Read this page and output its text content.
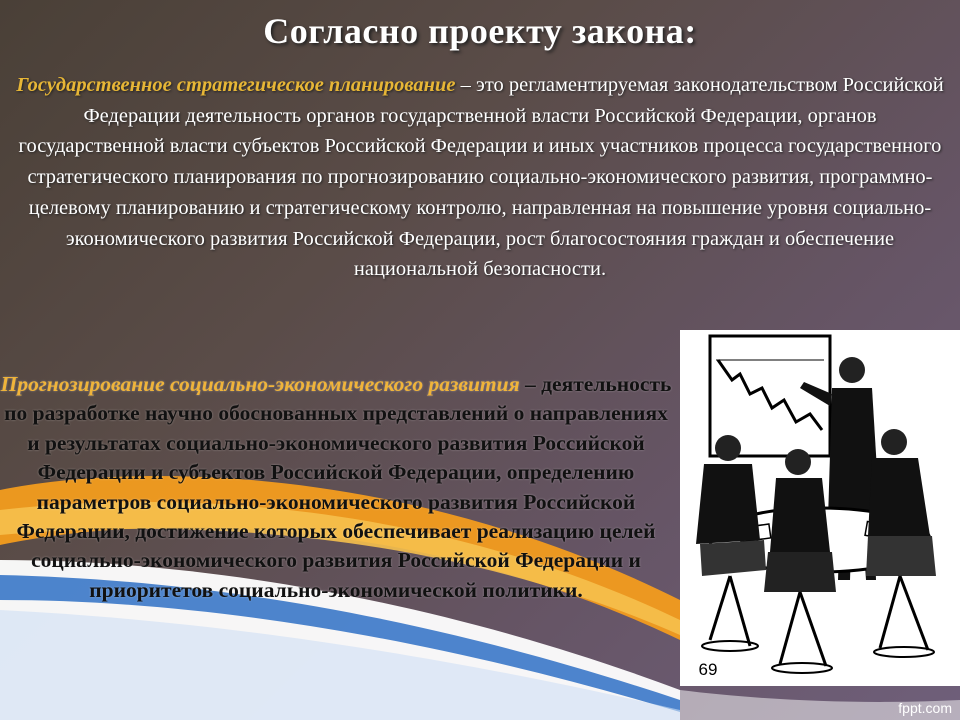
Согласно проекту закона:
Государственное стратегическое планирование – это регламентируемая законодательством Российской Федерации деятельность органов государственной власти Российской Федерации, органов государственной власти субъектов Российской Федерации и иных участников процесса государственного стратегического планирования по прогнозированию социально-экономического развития, программно-целевому планированию и стратегическому контролю, направленная на повышение уровня социально-экономического развития Российской Федерации, рост благосостояния граждан и обеспечение национальной безопасности.
Прогнозирование социально-экономического развития – деятельность по разработке научно обоснованных представлений о направлениях и результатах социально-экономического развития Российской Федерации и субъектов Российской Федерации, определению параметров социально-экономического развития Российской Федерации, достижение которых обеспечивает реализацию целей социально-экономического развития Российской Федерации и приоритетов социально-экономической политики.
69
fppt.com
